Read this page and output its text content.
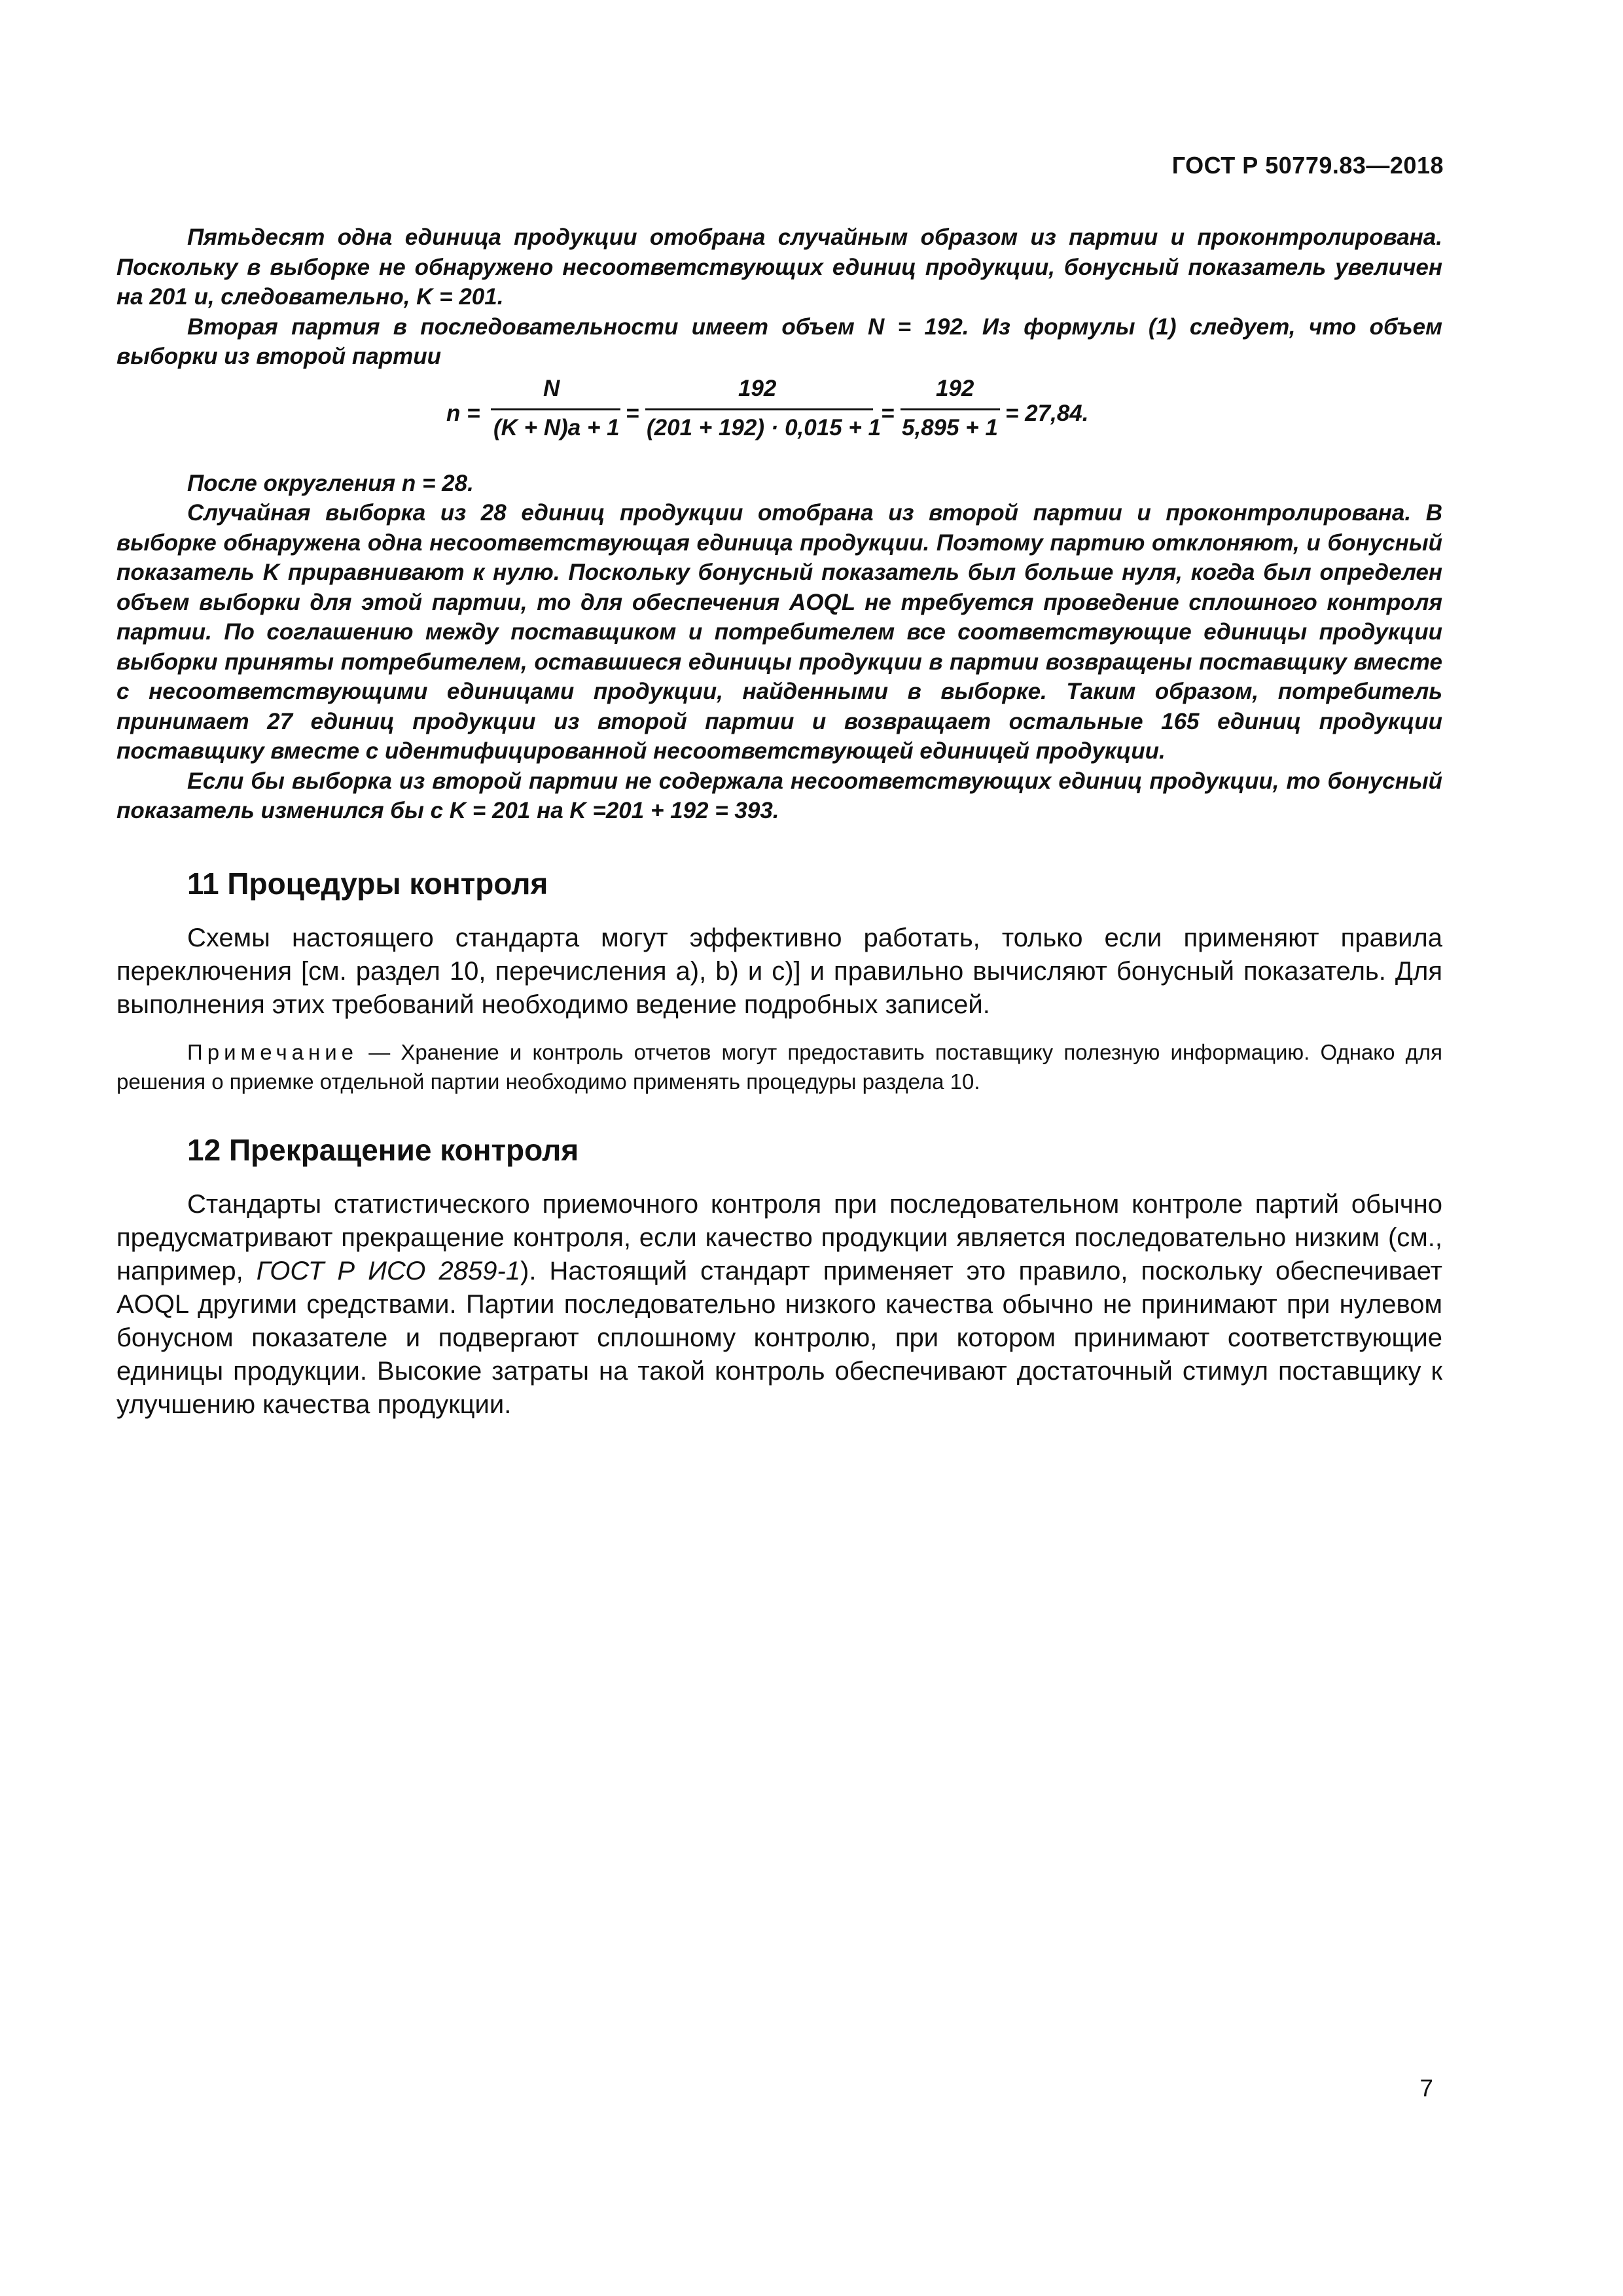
ГОСТ Р 50779.83—2018

Пятьдесят одна единица продукции отобрана случайным образом из партии и проконтролирована. Поскольку в выборке не обнаружено несоответствующих единиц продукции, бонусный показатель увеличен на 201 и, следовательно, K = 201.

Вторая партия в последовательности имеет объем N = 192. Из формулы (1) следует, что объем выборки из второй партии

n =
N
(K + N)a + 1
=
192
(201 + 192) · 0,015 + 1
=
192
5,895 + 1
= 27,84.

После округления n = 28.

Случайная выборка из 28 единиц продукции отобрана из второй партии и проконтролирована. В выборке обнаружена одна несоответствующая единица продукции. Поэтому партию отклоняют, и бонусный показатель K приравнивают к нулю. Поскольку бонусный показатель был больше нуля, когда был определен объем выборки для этой партии, то для обеспечения AOQL не требуется проведение сплошного контроля партии. По соглашению между поставщиком и потребителем все соответствующие единицы продукции выборки приняты потребителем, оставшиеся единицы продукции в партии возвращены поставщику вместе с несоответствующими единицами продукции, найденными в выборке. Таким образом, потребитель принимает 27 единиц продукции из второй партии и возвращает остальные 165 единиц продукции поставщику вместе с идентифицированной несоответствующей единицей продукции.

Если бы выборка из второй партии не содержала несоответствующих единиц продукции, то бонусный показатель изменился бы с K = 201 на K =201 + 192 = 393.

11 Процедуры контроля

Схемы настоящего стандарта могут эффективно работать, только если применяют правила переключения [см. раздел 10, перечисления а), b) и с)] и правильно вычисляют бонусный показатель. Для выполнения этих требований необходимо ведение подробных записей.

Примечание — Хранение и контроль отчетов могут предоставить поставщику полезную информацию. Однако для решения о приемке отдельной партии необходимо применять процедуры раздела 10.

12 Прекращение контроля

Стандарты статистического приемочного контроля при последовательном контроле партий обычно предусматривают прекращение контроля, если качество продукции является последовательно низким (см., например, ГОСТ Р ИСО 2859-1). Настоящий стандарт применяет это правило, поскольку обеспечивает AOQL другими средствами. Партии последовательно низкого качества обычно не принимают при нулевом бонусном показателе и подвергают сплошному контролю, при котором принимают соответствующие единицы продукции. Высокие затраты на такой контроль обеспечивают достаточный стимул поставщику к улучшению качества продукции.

7
